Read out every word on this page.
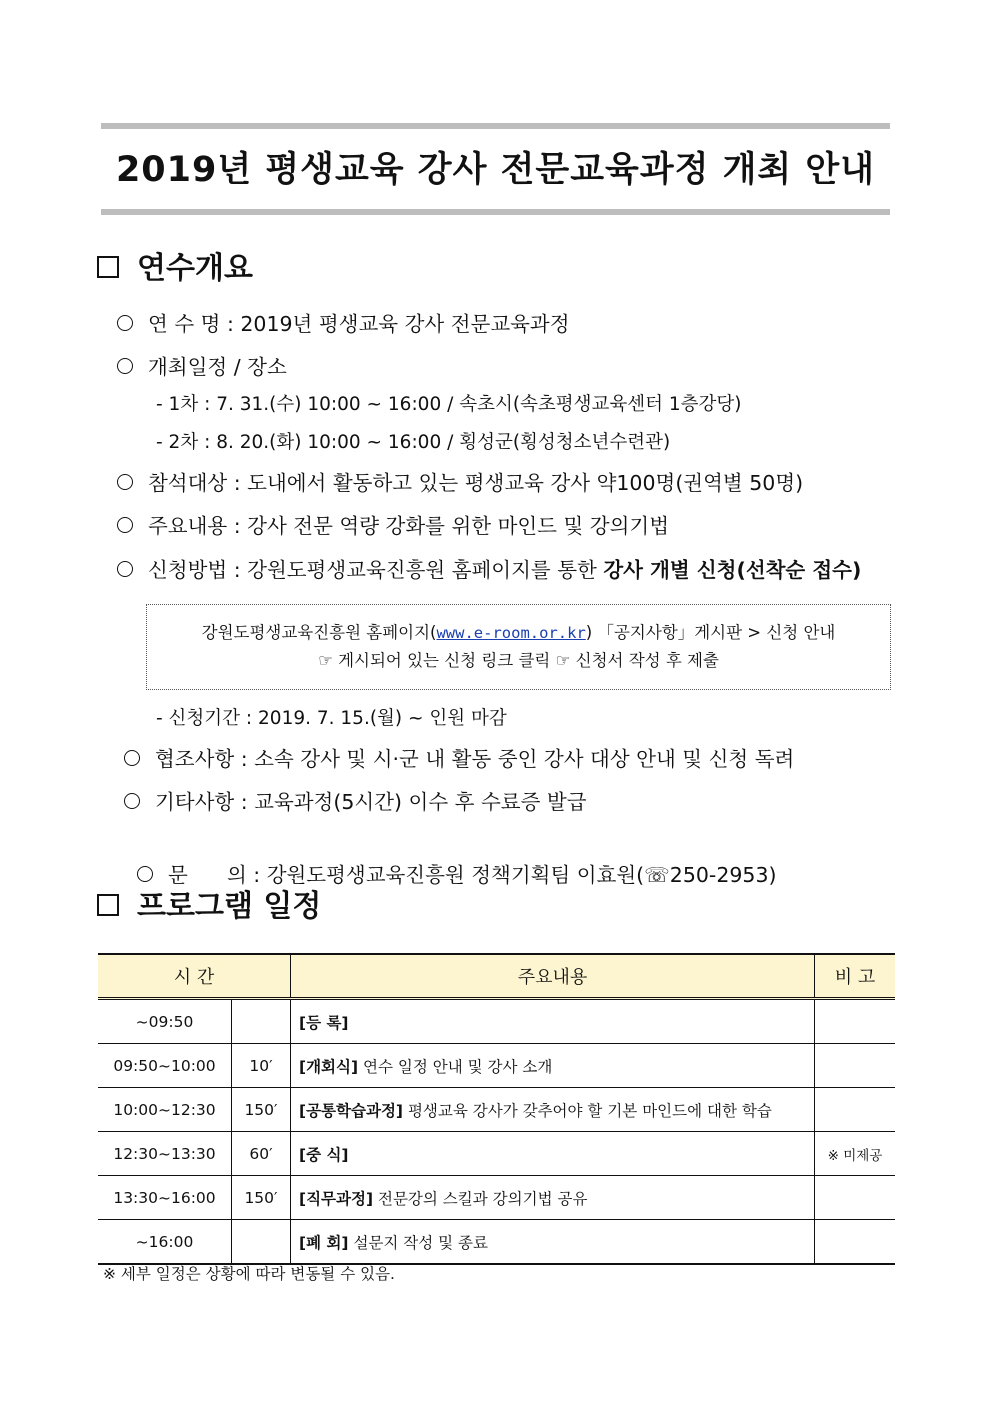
2019년 평생교육 강사 전문교육과정 개최 안내
연수개요
연 수 명 : 2019년 평생교육 강사 전문교육과정
개최일정 / 장소
- 1차 : 7. 31.(수) 10:00 ~ 16:00 / 속초시(속초평생교육센터 1층강당)
- 2차 : 8. 20.(화) 10:00 ~ 16:00 / 횡성군(횡성청소년수련관)
참석대상 : 도내에서 활동하고 있는 평생교육 강사 약100명(권역별 50명)
주요내용 : 강사 전문 역량 강화를 위한 마인드 및 강의기법
신청방법 : 강원도평생교육진흥원 홈페이지를 통한 강사 개별 신청(선착순 접수)
강원도평생교육진흥원 홈페이지(www.e-room.or.kr) 「공지사항」게시판 > 신청 안내
☞ 게시되어 있는 신청 링크 클릭 ☞ 신청서 작성 후 제출
- 신청기간 : 2019. 7. 15.(월) ~ 인원 마감
협조사항 : 소속 강사 및 시·군 내 활동 중인 강사 대상 안내 및 신청 독려
기타사항 : 교육과정(5시간) 이수 후 수료증 발급

문      의 : 강원도평생교육진흥원 정책기획팀 이효원(☏250-2953)

프로그램 일정
시 간		주요내용	비 고
~09:50		[등 록]	
09:50~10:00	10′	[개회식] 연수 일정 안내 및 강사 소개	
10:00~12:30	150′	[공통학습과정] 평생교육 강사가 갖추어야 할 기본 마인드에 대한 학습	
12:30~13:30	60′	[중 식]	※ 미제공
13:30~16:00	150′	[직무과정] 전문강의 스킬과 강의기법 공유	
~16:00		[폐 회] 설문지 작성 및 종료	
※ 세부 일정은 상황에 따라 변동될 수 있음.
